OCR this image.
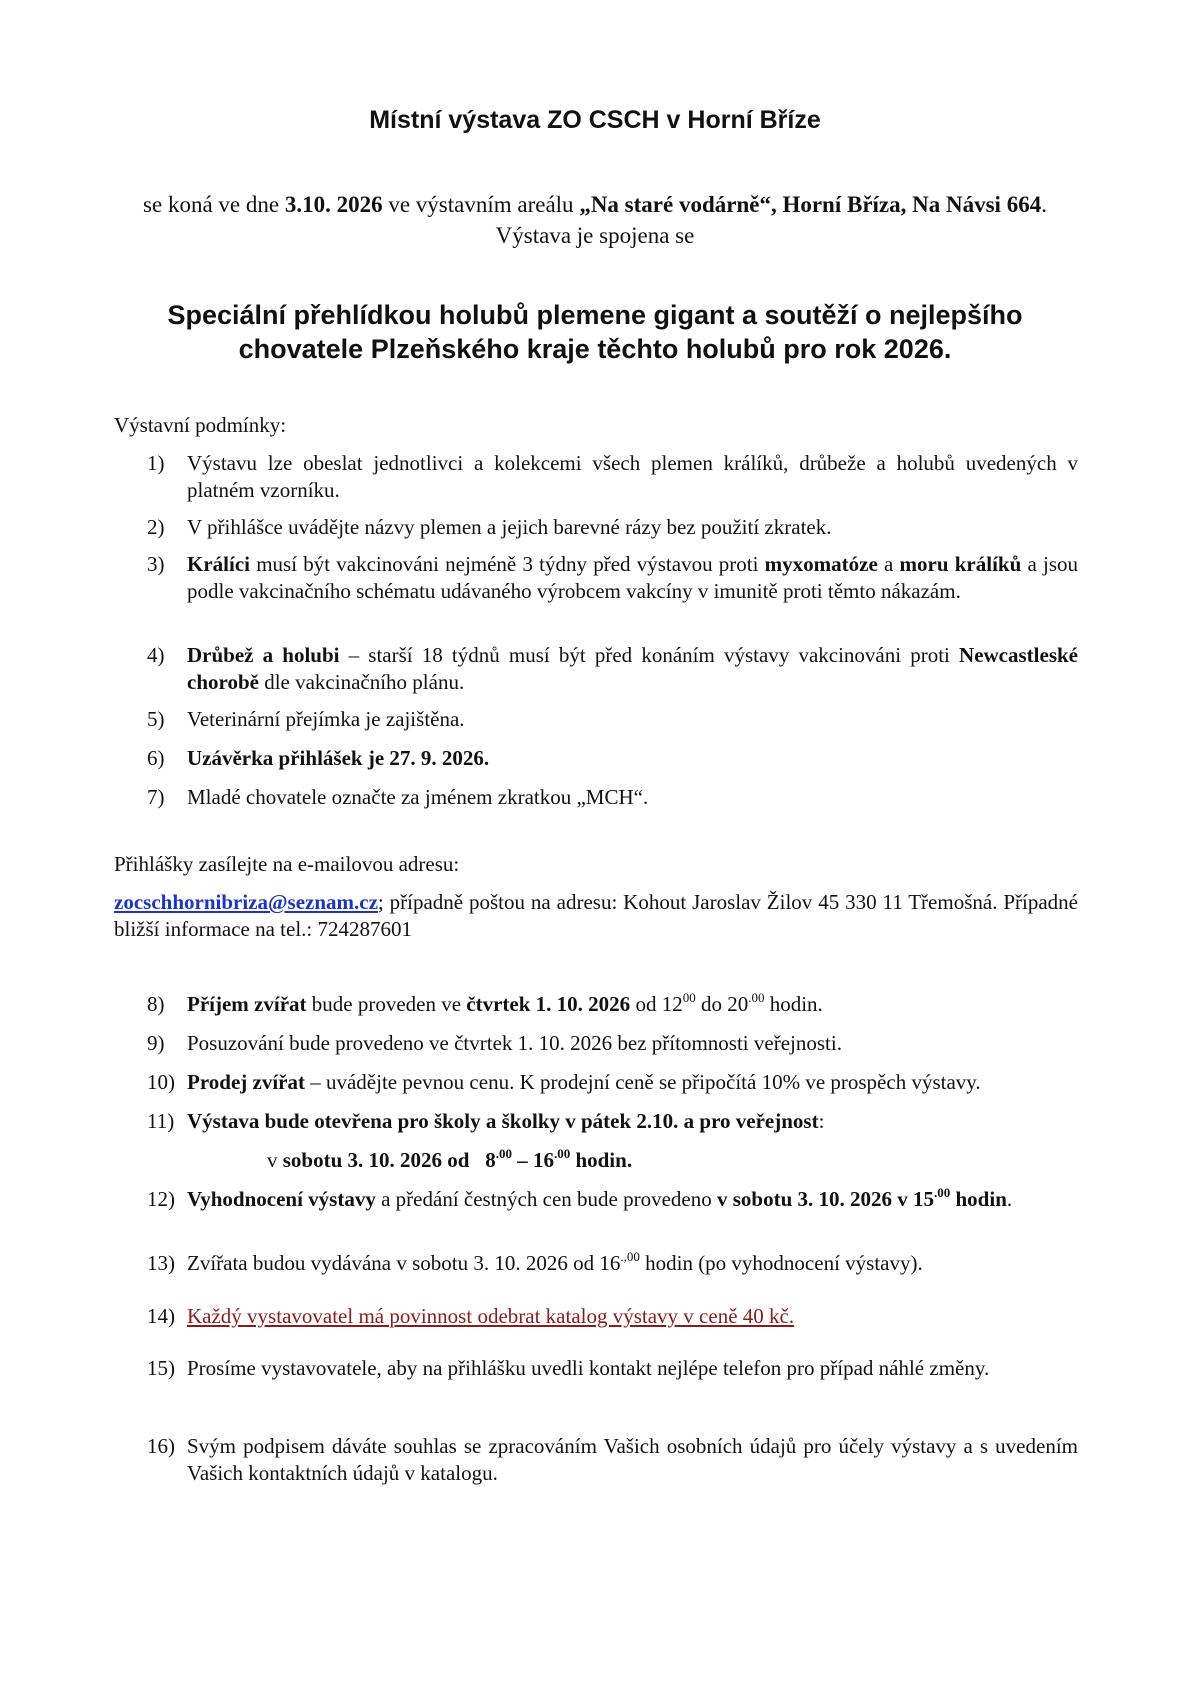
Místní výstava ZO CSCH v Horní Bříze
se koná ve dne 3.10. 2026 ve výstavním areálu „Na staré vodárně“, Horní Bříza, Na Návsi 664. Výstava je spojena se
Speciální přehlídkou holubů plemene gigant a soutěží o nejlepšího chovatele Plzeňského kraje těchto holubů pro rok 2026.
Výstavní podmínky:
1)	Výstavu lze obeslat jednotlivci a kolekcemi všech plemen králíků, drůbeže a holubů uvedených v platném vzorníku.
2)	V přihlášce uvádějte názvy plemen a jejich barevné rázy bez použití zkratek.
3)	Králíci musí být vakcinováni nejméně 3 týdny před výstavou proti myxomatóze a moru králíků a jsou podle vakcinačního schématu udávaného výrobcem vakcíny v imunitě proti těmto nákazám.
4)	Drůbež a holubi – starší 18 týdnů musí být před konáním výstavy vakcinováni proti Newcastleské chorobě dle vakcinačního plánu.
5)	Veterinární přejímka je zajištěna.
6)	Uzávěrka přihlášek je 27. 9. 2026.
7)	Mladé chovatele označte za jménem zkratkou „MCH“.
Přihlášky zasílejte na e-mailovou adresu:
zocschhornibriza@seznam.cz; případně poštou na adresu: Kohout Jaroslav Žilov 45 330 11 Třemošná. Případné bližší informace na tel.: 724287601
8)	Příjem zvířat bude proveden ve čtvrtek 1. 10. 2026 od $12^{00}$ do $20^{.00}$ hodin.
9)	Posuzování bude provedeno ve čtvrtek 1. 10. 2026 bez přítomnosti veřejnosti.
10) Prodej zvířat – uvádějte pevnou cenu. K prodejní ceně se připočítá 10% ve prospěch výstavy.
11) Výstava bude otevřena pro školy a školky v pátek 2.10. a pro veřejnost:
v sobotu 3. 10. 2026 od   $8^{.00} - 16^{.00}$ hodin.
12) Vyhodnocení výstavy a předání čestných cen bude provedeno v sobotu 3. 10. 2026 v $15^{.00}$ hodin.
13) Zvířata budou vydávána v sobotu 3. 10. 2026 od $16^{.,00}$ hodin (po vyhodnocení výstavy).
14) Každý vystavovatel má povinnost odebrat katalog výstavy v ceně 40 kč.
15) Prosíme vystavovatele, aby na přihlášku uvedli kontakt nejlépe telefon pro případ náhlé změny.
16) Svým podpisem dáváte souhlas se zpracováním Vašich osobních údajů pro účely výstavy a s uvedením Vašich kontaktních údajů v katalogu.
